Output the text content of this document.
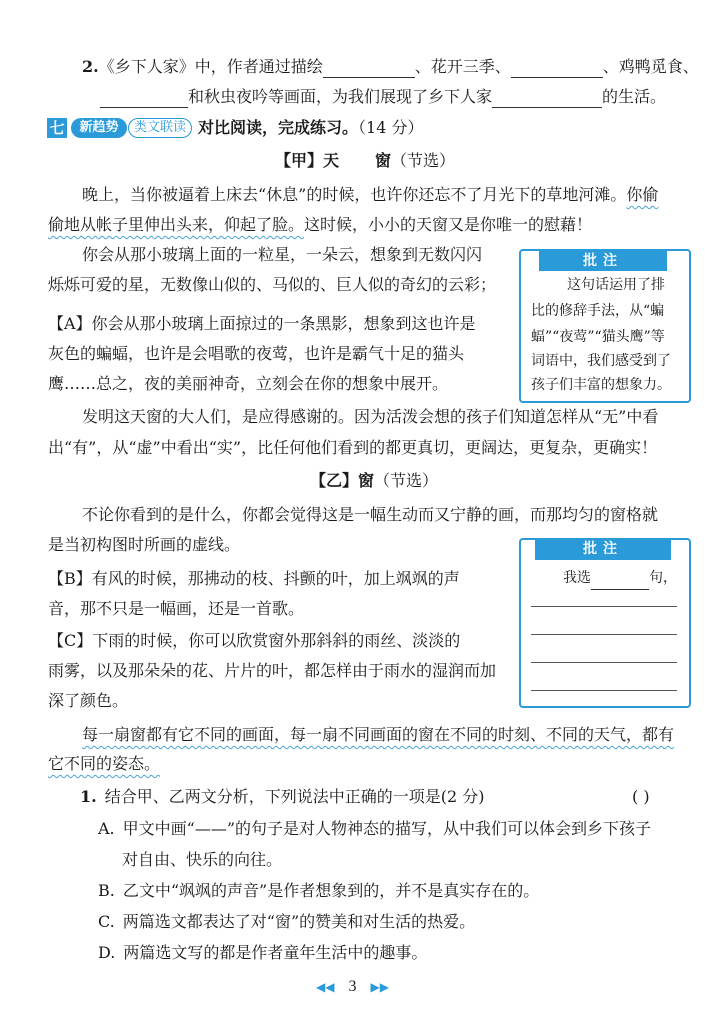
2.《乡下人家》中，作者通过描绘	、花开三季、	、鸡鸭觅食、
和秋虫夜吟等画面，为我们展现了乡下人家	的生活。
七	新趋势	类文联读 对比阅读，完成练习。（14 分）
【甲】天 窗（节选）
晚上，当你被逼着上床去“休息”的时候，也许你还忘不了月光下的草地河滩。你偷
偷地从帐子里伸出头来，仰起了脸。这时候，小小的天窗又是你唯一的慰藉！
你会从那小玻璃上面的一粒星，一朵云，想象到无数闪闪
烁烁可爱的星，无数像山似的、马似的、巨人似的奇幻的云彩；
【A】你会从那小玻璃上面掠过的一条黑影，想象到这也许是
灰色的蝙蝠，也许是会唱歌的夜莺，也许是霸气十足的猫头
鹰……总之，夜的美丽神奇，立刻会在你的想象中展开。
发明这天窗的大人们，是应得感谢的。因为活泼会想的孩子们知道怎样从“无”中看
出“有”，从“虚”中看出“实”，比任何他们看到的都更真切，更阔达，更复杂，更确实！
批注
这句话运用了排
比的修辞手法，从“蝙
蝠”“夜莺”“猫头鹰”等
词语中，我们感受到了
孩子们丰富的想象力。
【乙】窗（节选）
不论你看到的是什么，你都会觉得这是一幅生动而又宁静的画，而那均匀的窗格就
是当初构图时所画的虚线。
【B】有风的时候，那拂动的枝、抖颤的叶，加上飒飒的声
音，那不只是一幅画，还是一首歌。
【C】下雨的时候，你可以欣赏窗外那斜斜的雨丝、淡淡的
雨雾，以及那朵朵的花、片片的叶，都怎样由于雨水的湿润而加
深了颜色。
每一扇窗都有它不同的画面，每一扇不同画面的窗在不同的时刻、不同的天气，都有
它不同的姿态。
批注
我选	句，
1. 结合甲、乙两文分析，下列说法中正确的一项是(2 分)	( )
A. 甲文中画“——”的句子是对人物神态的描写，从中我们可以体会到乡下孩子
对自由、快乐的向往。
B. 乙文中“飒飒的声音”是作者想象到的，并不是真实存在的。
C. 两篇选文都表达了对“窗”的赞美和对生活的热爱。
D. 两篇选文写的都是作者童年生活中的趣事。
◀◀ 3 ▶▶
